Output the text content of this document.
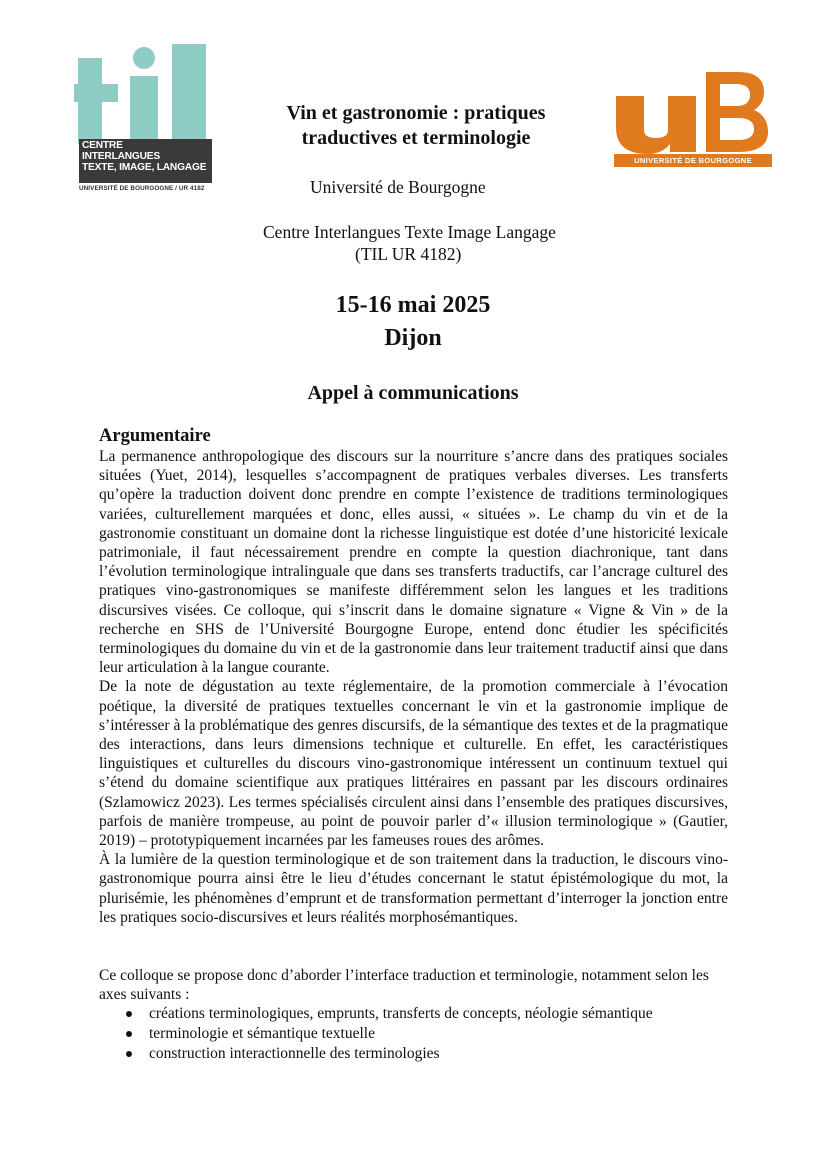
CENTRE
INTERLANGUES
TEXTE, IMAGE, LANGAGE
UNIVERSITÉ DE BOURGOGNE / UR 4182
UNIVERSITÉ DE BOURGOGNE
Vin et gastronomie : pratiques
traductives et terminologie
Université de Bourgogne
Centre Interlangues Texte Image Langage
(TIL UR 4182)
15-16 mai 2025
Dijon
Appel à communications
Argumentaire

La permanence anthropologique des discours sur la nourriture s’ancre dans des pratiques sociales situées (Yuet, 2014), lesquelles s’accompagnent de pratiques verbales diverses. Les transferts qu’opère la traduction doivent donc prendre en compte l’existence de traditions terminologiques variées, culturellement marquées et donc, elles aussi, « situées ». Le champ du vin et de la gastronomie constituant un domaine dont la richesse linguistique est dotée d’une historicité lexicale patrimoniale, il faut nécessairement prendre en compte la question diachronique, tant dans l’évolution terminologique intralinguale que dans ses transferts traductifs, car l’ancrage culturel des pratiques vino-gastronomiques se manifeste différemment selon les langues et les traditions discursives visées. Ce colloque, qui s’inscrit dans le domaine signature « Vigne & Vin » de la recherche en SHS de l’Université Bourgogne Europe, entend donc étudier les spécificités terminologiques du domaine du vin et de la gastronomie dans leur traitement traductif ainsi que dans leur articulation à la langue courante.

De la note de dégustation au texte réglementaire, de la promotion commerciale à l’évocation poétique, la diversité de pratiques textuelles concernant le vin et la gastronomie implique de s’intéresser à la problématique des genres discursifs, de la sémantique des textes et de la pragmatique des interactions, dans leurs dimensions technique et culturelle. En effet, les caractéristiques linguistiques et culturelles du discours vino-gastronomique intéressent un continuum textuel qui s’étend du domaine scientifique aux pratiques littéraires en passant par les discours ordinaires (Szlamowicz 2023). Les termes spécialisés circulent ainsi dans l’ensemble des pratiques discursives, parfois de manière trompeuse, au point de pouvoir parler d’« illusion terminologique » (Gautier, 2019) – prototypiquement incarnées par les fameuses roues des arômes.

À la lumière de la question terminologique et de son traitement dans la traduction, le discours vino-gastronomique pourra ainsi être le lieu d’études concernant le statut épistémologique du mot, la plurisémie, les phénomènes d’emprunt et de transformation permettant d’interroger la jonction entre les pratiques socio-discursives et leurs réalités morphosémantiques.

Ce colloque se propose donc d’aborder l’interface traduction et terminologie, notamment selon les axes suivants :
créations terminologiques, emprunts, transferts de concepts, néologie sémantique
terminologie et sémantique textuelle
construction interactionnelle des terminologies
